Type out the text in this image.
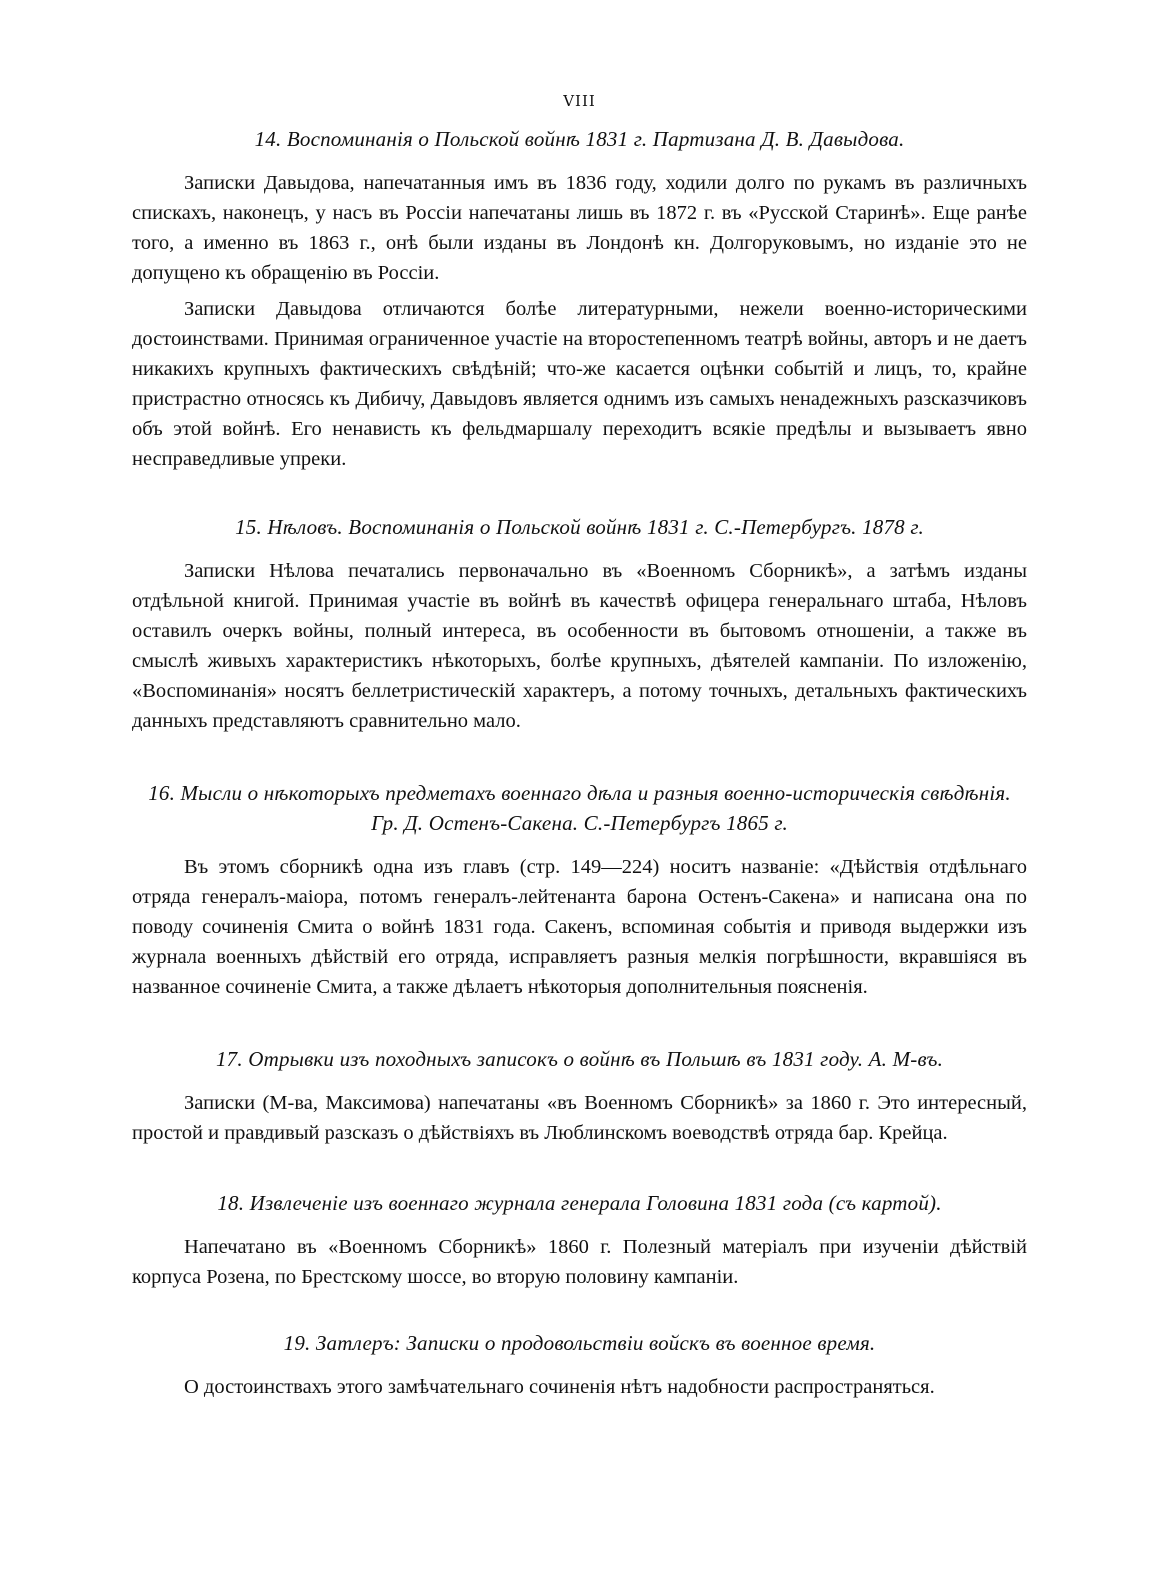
VIII
14. Воспоминанія о Польской войнѣ 1831 г. Партизана Д. В. Давыдова.

Записки Давыдова, напечатанныя имъ въ 1836 году, ходили долго по рукамъ въ различныхъ спискахъ, наконецъ, у насъ въ Россіи напечатаны лишь въ 1872 г. въ «Русской Старинѣ». Еще ранѣе того, а именно въ 1863 г., онѣ были изданы въ Лондонѣ кн. Долгоруковымъ, но изданіе это не допущено къ обращенію въ Россіи.

Записки Давыдова отличаются болѣе литературными, нежели военно-историческими достоинствами. Принимая ограниченное участіе на второстепенномъ театрѣ войны, авторъ и не даетъ никакихъ крупныхъ фактическихъ свѣдѣній; что-же касается оцѣнки событій и лицъ, то, крайне пристрастно относясь къ Дибичу, Давыдовъ является однимъ изъ самыхъ ненадежныхъ разсказчиковъ объ этой войнѣ. Его ненависть къ фельдмаршалу переходитъ всякіе предѣлы и вызываетъ явно несправедливые упреки.

15. Нѣловъ. Воспоминанія о Польской войнѣ 1831 г. С.-Петербургъ. 1878 г.

Записки Нѣлова печатались первоначально въ «Военномъ Сборникѣ», а затѣмъ изданы отдѣльной книгой. Принимая участіе въ войнѣ въ качествѣ офицера генеральнаго штаба, Нѣловъ оставилъ очеркъ войны, полный интереса, въ особенности въ бытовомъ отношеніи, а также въ смыслѣ живыхъ характеристикъ нѣкоторыхъ, болѣе крупныхъ, дѣятелей кампаніи. По изложенію, «Воспоминанія» носятъ беллетристическій характеръ, а потому точныхъ, детальныхъ фактическихъ данныхъ представляютъ сравнительно мало.

16. Мысли о нѣкоторыхъ предметахъ военнаго дѣла и разныя военно-историческія свѣдѣнія. Гр. Д. Остенъ-Сакена. С.-Петербургъ 1865 г.

Въ этомъ сборникѣ одна изъ главъ (стр. 149—224) носитъ названіе: «Дѣйствія отдѣльнаго отряда генералъ-маіора, потомъ генералъ-лейтенанта барона Остенъ-Сакена» и написана она по поводу сочиненія Смита о войнѣ 1831 года. Сакенъ, вспоминая событія и приводя выдержки изъ журнала военныхъ дѣйствій его отряда, исправляетъ разныя мелкія погрѣшности, вкравшіяся въ названное сочиненіе Смита, а также дѣлаетъ нѣкоторыя дополнительныя поясненія.

17. Отрывки изъ походныхъ записокъ о войнѣ въ Польшѣ въ 1831 году. А. М-въ.

Записки (М-ва, Максимова) напечатаны «въ Военномъ Сборникѣ» за 1860 г. Это интересный, простой и правдивый разсказъ о дѣйствіяхъ въ Люблинскомъ воеводствѣ отряда бар. Крейца.

18. Извлеченіе изъ военнаго журнала генерала Головина 1831 года (съ картой).

Напечатано въ «Военномъ Сборникѣ» 1860 г. Полезный матеріалъ при изученіи дѣйствій корпуса Розена, по Брестскому шоссе, во вторую половину кампаніи.

19. Затлеръ: Записки о продовольствіи войскъ въ военное время.

О достоинствахъ этого замѣчательнаго сочиненія нѣтъ надобности распространяться.
